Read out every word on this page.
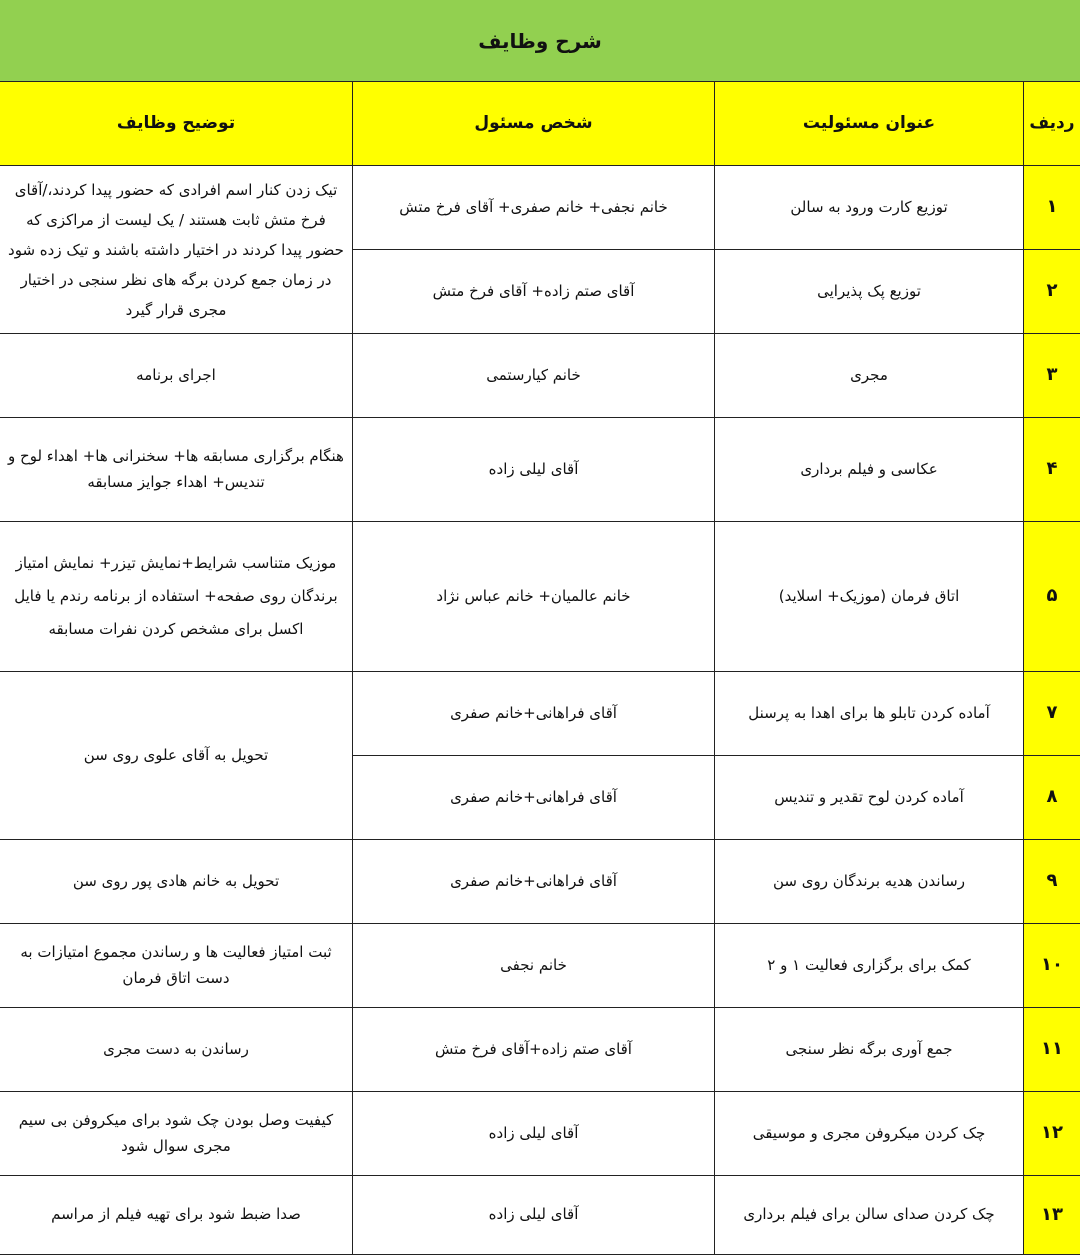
شرح وظایف
ردیف
عنوان مسئولیت
شخص مسئول
توضیح وظایف
۱
توزیع کارت ورود به سالن
خانم نجفی+ خانم صفری+ آقای فرخ متش
تیک زدن کنار اسم افرادی که حضور پیدا کردند،/آقای فرخ متش ثابت هستند / یک لیست از مراکزی که حضور پیدا کردند در اختیار داشته باشند و تیک زده شود در زمان جمع کردن برگه های نظر سنجی در اختیار مجری قرار گیرد
۲
توزیع پک پذیرایی
آقای صتم زاده+ آقای فرخ متش
۳
مجری
خانم کیارستمی
اجرای برنامه
۴
عکاسی و فیلم برداری
آقای لیلی زاده
هنگام برگزاری مسابقه ها+ سخنرانی ها+ اهداء لوح و تندیس+ اهداء جوایز مسابقه
۵
اتاق فرمان (موزیک+ اسلاید)
خانم عالمیان+ خانم عباس نژاد
موزیک متناسب شرایط+نمایش تیزر+ نمایش امتیاز برندگان روی صفحه+ استفاده از برنامه رندم یا فایل اکسل برای مشخص کردن نفرات مسابقه
۷
آماده کردن تابلو ها برای اهدا به پرسنل
آقای فراهانی+خانم صفری
تحویل به آقای علوی روی سن
۸
آماده کردن لوح تقدیر و تندیس
آقای فراهانی+خانم صفری
۹
رساندن هدیه برندگان روی سن
آقای فراهانی+خانم صفری
تحویل به خانم هادی پور روی سن
۱۰
کمک برای برگزاری فعالیت ۱ و ۲
خانم نجفی
ثبت امتیاز فعالیت ها و رساندن مجموع امتیازات به دست اتاق فرمان
۱۱
جمع آوری برگه نظر سنجی
آقای صتم زاده+آقای فرخ متش
رساندن به دست مجری
۱۲
چک کردن میکروفن مجری و موسیقی
آقای لیلی زاده
کیفیت وصل بودن چک شود برای میکروفن بی سیم مجری سوال شود
۱۳
چک کردن صدای سالن برای فیلم برداری
آقای لیلی زاده
صدا ضبط شود برای تهیه فیلم از مراسم
